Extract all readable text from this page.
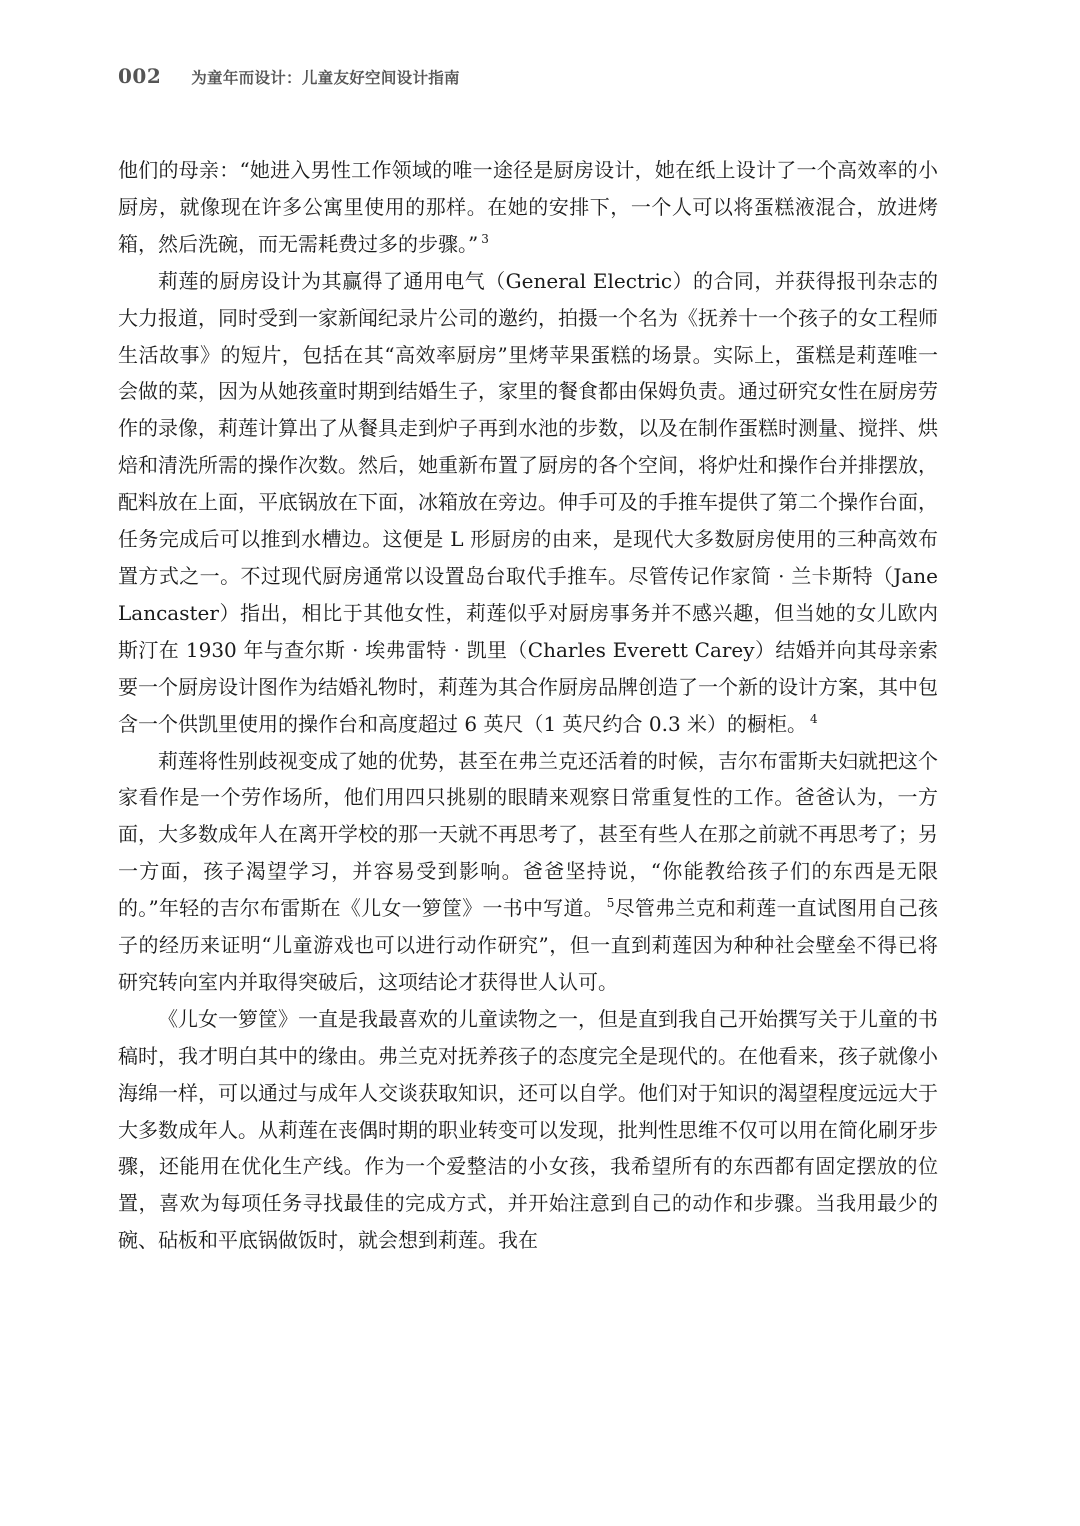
002 为童年而设计：儿童友好空间设计指南

他们的母亲：“她进入男性工作领域的唯一途径是厨房设计，她在纸上设计了一个高效率的小厨房，就像现在许多公寓里使用的那样。在她的安排下，一个人可以将蛋糕液混合，放进烤箱，然后洗碗，而无需耗费过多的步骤。” $^3$

莉莲的厨房设计为其赢得了通用电气（General Electric）的合同，并获得报刊杂志的大力报道，同时受到一家新闻纪录片公司的邀约，拍摄一个名为《抚养十一个孩子的女工程师生活故事》的短片，包括在其“高效率厨房”里烤苹果蛋糕的场景。实际上，蛋糕是莉莲唯一会做的菜，因为从她孩童时期到结婚生子，家里的餐食都由保姆负责。通过研究女性在厨房劳作的录像，莉莲计算出了从餐具走到炉子再到水池的步数，以及在制作蛋糕时测量、搅拌、烘焙和清洗所需的操作次数。然后，她重新布置了厨房的各个空间，将炉灶和操作台并排摆放，配料放在上面，平底锅放在下面，冰箱放在旁边。伸手可及的手推车提供了第二个操作台面，任务完成后可以推到水槽边。这便是 L 形厨房的由来，是现代大多数厨房使用的三种高效布置方式之一。不过现代厨房通常以设置岛台取代手推车。尽管传记作家简 · 兰卡斯特（Jane Lancaster）指出，相比于其他女性，莉莲似乎对厨房事务并不感兴趣，但当她的女儿欧内斯汀在 1930 年与查尔斯 · 埃弗雷特 · 凯里（Charles Everett Carey）结婚并向其母亲索要一个厨房设计图作为结婚礼物时，莉莲为其合作厨房品牌创造了一个新的设计方案，其中包含一个供凯里使用的操作台和高度超过 6 英尺（1 英尺约合 0.3 米）的橱柜。 $^4$

莉莲将性别歧视变成了她的优势，甚至在弗兰克还活着的时候，吉尔布雷斯夫妇就把这个家看作是一个劳作场所，他们用四只挑剔的眼睛来观察日常重复性的工作。爸爸认为，一方面，大多数成年人在离开学校的那一天就不再思考了，甚至有些人在那之前就不再思考了；另一方面，孩子渴望学习，并容易受到影响。爸爸坚持说，“你能教给孩子们的东西是无限的。”年轻的吉尔布雷斯在《儿女一箩筐》一书中写道。 $^5$尽管弗兰克和莉莲一直试图用自己孩子的经历来证明“儿童游戏也可以进行动作研究”，但一直到莉莲因为种种社会壁垒不得已将研究转向室内并取得突破后，这项结论才获得世人认可。

《儿女一箩筐》一直是我最喜欢的儿童读物之一，但是直到我自己开始撰写关于儿童的书稿时，我才明白其中的缘由。弗兰克对抚养孩子的态度完全是现代的。在他看来，孩子就像小海绵一样，可以通过与成年人交谈获取知识，还可以自学。他们对于知识的渴望程度远远大于大多数成年人。从莉莲在丧偶时期的职业转变可以发现，批判性思维不仅可以用在简化刷牙步骤，还能用在优化生产线。作为一个爱整洁的小女孩，我希望所有的东西都有固定摆放的位置，喜欢为每项任务寻找最佳的完成方式，并开始注意到自己的动作和步骤。当我用最少的碗、砧板和平底锅做饭时，就会想到莉莲。我在
